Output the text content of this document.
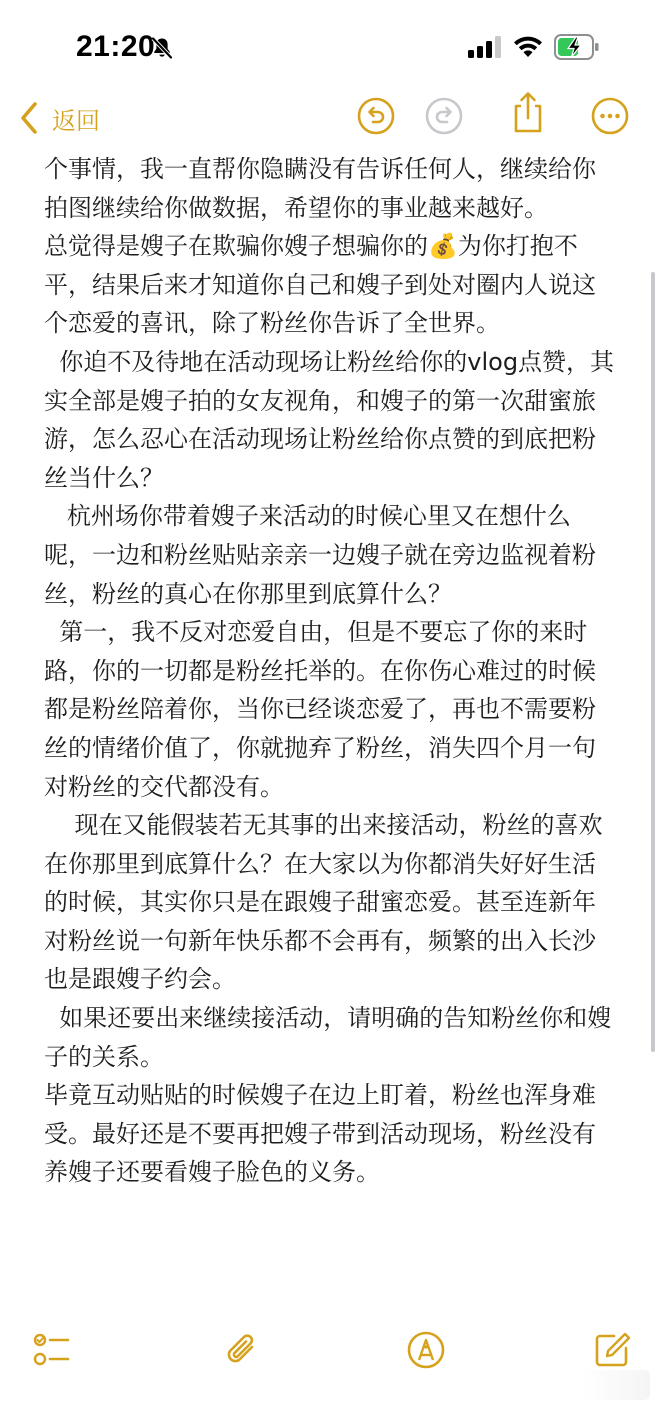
21:20
返回

个事情，我一直帮你隐瞒没有告诉任何人，继续给你拍图继续给你做数据，希望你的事业越来越好。

总觉得是嫂子在欺骗你嫂子想骗你的💰为你打抱不平，结果后来才知道你自己和嫂子到处对圈内人说这个恋爱的喜讯，除了粉丝你告诉了全世界。

你迫不及待地在活动现场让粉丝给你的vlog点赞，其实全部是嫂子拍的女友视角，和嫂子的第一次甜蜜旅游，怎么忍心在活动现场让粉丝给你点赞的到底把粉丝当什么？

杭州场你带着嫂子来活动的时候心里又在想什么呢，一边和粉丝贴贴亲亲一边嫂子就在旁边监视着粉丝，粉丝的真心在你那里到底算什么？

第一，我不反对恋爱自由，但是不要忘了你的来时路，你的一切都是粉丝托举的。在你伤心难过的时候都是粉丝陪着你，当你已经谈恋爱了，再也不需要粉丝的情绪价值了，你就抛弃了粉丝，消失四个月一句对粉丝的交代都没有。

现在又能假装若无其事的出来接活动，粉丝的喜欢在你那里到底算什么？在大家以为你都消失好好生活的时候，其实你只是在跟嫂子甜蜜恋爱。甚至连新年对粉丝说一句新年快乐都不会再有，频繁的出入长沙也是跟嫂子约会。

如果还要出来继续接活动，请明确的告知粉丝你和嫂子的关系。

毕竟互动贴贴的时候嫂子在边上盯着，粉丝也浑身难受。最好还是不要再把嫂子带到活动现场，粉丝没有养嫂子还要看嫂子脸色的义务。
